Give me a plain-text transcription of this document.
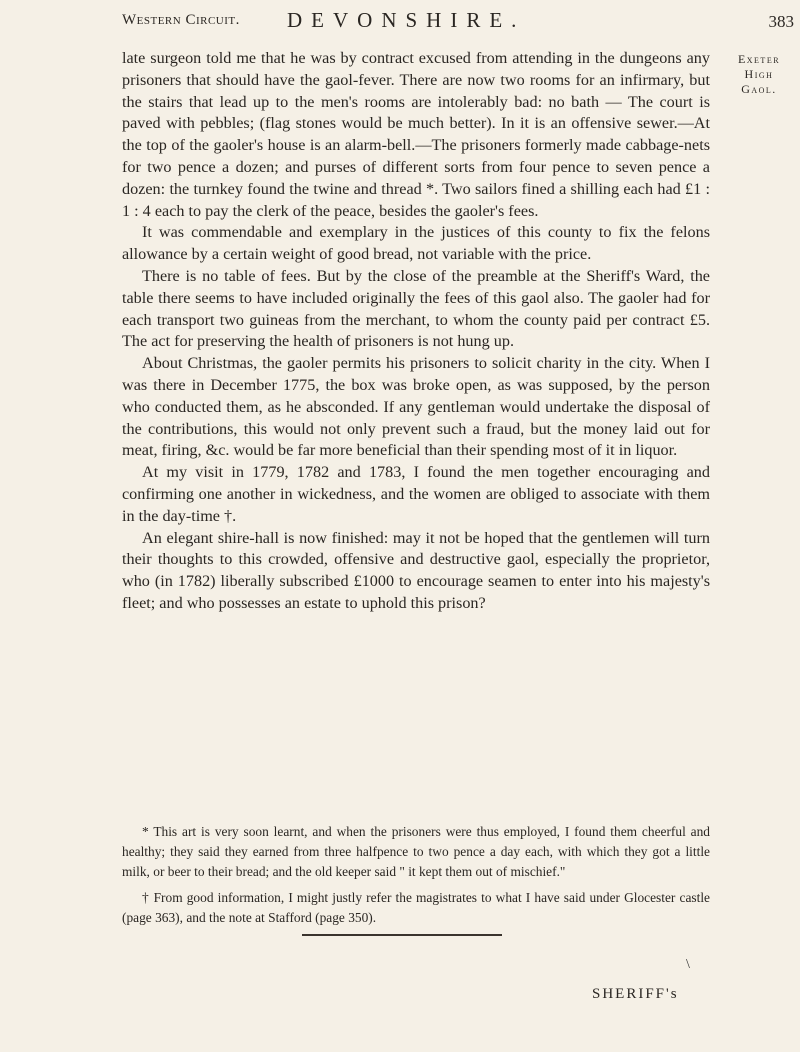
Western Circuit. DEVONSHIRE.	383
Exeter
High
Gaol.

late surgeon told me that he was by contract excused from attending in the dungeons any prisoners that should have the gaol-fever. There are now two rooms for an infirmary, but the stairs that lead up to the men's rooms are intolerably bad: no bath — The court is paved with pebbles; (flag stones would be much better). In it is an offensive sewer.—At the top of the gaoler's house is an alarm-bell.—The prisoners formerly made cabbage-nets for two pence a dozen; and purses of different sorts from four pence to seven pence a dozen: the turnkey found the twine and thread *. Two sailors fined a shilling each had £1 : 1 : 4 each to pay the clerk of the peace, besides the gaoler's fees.

It was commendable and exemplary in the justices of this county to fix the felons allowance by a certain weight of good bread, not variable with the price.

There is no table of fees. But by the close of the preamble at the Sheriff's Ward, the table there seems to have included originally the fees of this gaol also. The gaoler had for each transport two guineas from the merchant, to whom the county paid per contract £5. The act for preserving the health of prisoners is not hung up.

About Christmas, the gaoler permits his prisoners to solicit charity in the city. When I was there in December 1775, the box was broke open, as was supposed, by the person who conducted them, as he absconded. If any gentleman would undertake the disposal of the contributions, this would not only prevent such a fraud, but the money laid out for meat, firing, &c. would be far more beneficial than their spending most of it in liquor.

At my visit in 1779, 1782 and 1783, I found the men together encouraging and confirming one another in wickedness, and the women are obliged to associate with them in the day-time †.

An elegant shire-hall is now finished: may it not be hoped that the gentlemen will turn their thoughts to this crowded, offensive and destructive gaol, especially the proprietor, who (in 1782) liberally subscribed £1000 to encourage seamen to enter into his majesty's fleet; and who possesses an estate to uphold this prison?

* This art is very soon learnt, and when the prisoners were thus employed, I found them cheerful and healthy; they said they earned from three halfpence to two pence a day each, with which they got a little milk, or beer to their bread; and the old keeper said " it kept them out of mischief."

† From good information, I might justly refer the magistrates to what I have said under Glocester castle (page 363), and the note at Stafford (page 350).

\
SHERIFF's
